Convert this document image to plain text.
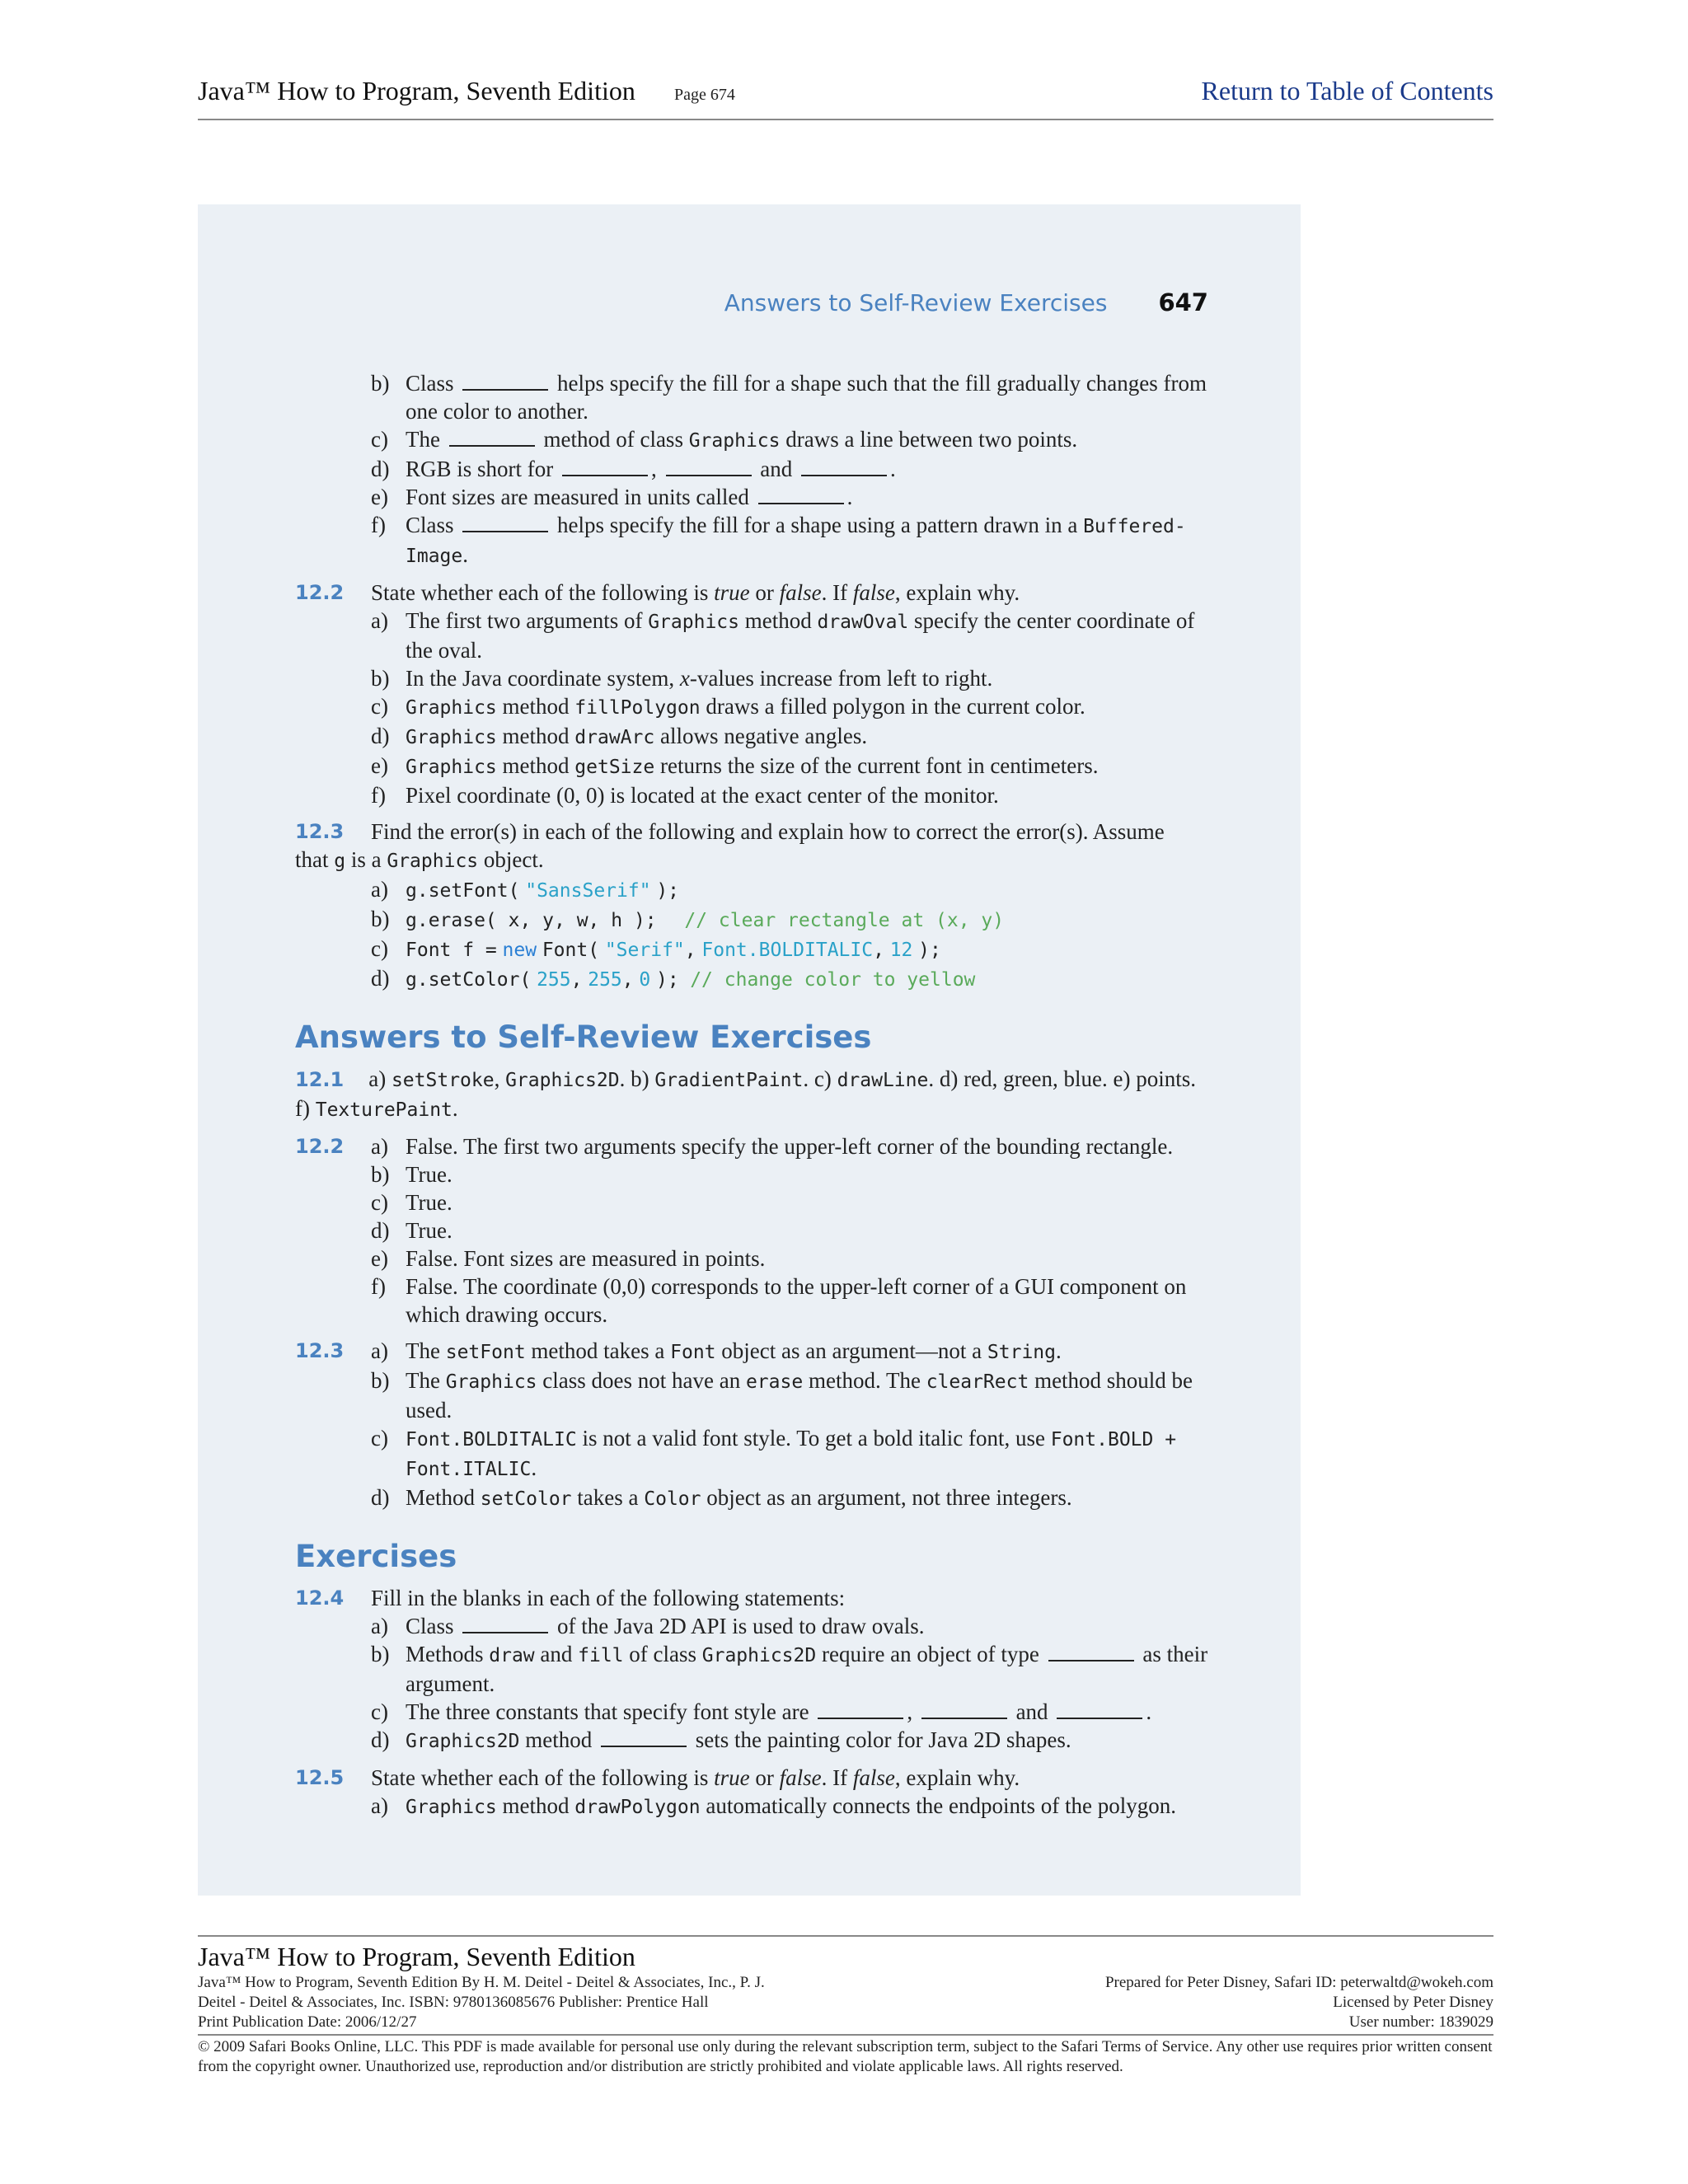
Java™ How to Program, Seventh Edition Page 674	Return to Table of Contents
Answers to Self-Review Exercises 647
b) Class	helps specify the fill for a shape such that the fill gradually changes from one color to another.
c) The	method of class Graphics draws a line between two points.
d) RGB is short for	,	and	.
e) Font sizes are measured in units called	.
f) Class	helps specify the fill for a shape using a pattern drawn in a Buffered-
Image.
12.2 State whether each of the following is true or false. If false, explain why.
a) The first two arguments of Graphics method drawOval specify the center coordinate of the oval.
b) In the Java coordinate system, x-values increase from left to right.
c) Graphics method fillPolygon draws a filled polygon in the current color.
d) Graphics method drawArc allows negative angles.
e) Graphics method getSize returns the size of the current font in centimeters.
f) Pixel coordinate (0, 0) is located at the exact center of the monitor.
12.3 Find the error(s) in each of the following and explain how to correct the error(s). Assume
that g is a Graphics object.
a) g.setFont( "SansSerif" );
b) g.erase( x, y, w, h ); // clear rectangle at (x, y)
c) Font f = new Font( "Serif", Font.BOLDITALIC, 12 );
d) g.setColor( 255, 255, 0 ); // change color to yellow
Answers to Self-Review Exercises
12.1 a) setStroke, Graphics2D. b) GradientPaint. c) drawLine. d) red, green, blue. e) points.
f) TexturePaint.
12.2 a) False. The first two arguments specify the upper-left corner of the bounding rectangle.
b) True.
c) True.
d) True.
e) False. Font sizes are measured in points.
f) False. The coordinate (0,0) corresponds to the upper-left corner of a GUI component on which drawing occurs.
12.3 a) The setFont method takes a Font object as an argument—not a String.
b) The Graphics class does not have an erase method. The clearRect method should be used.
c) Font.BOLDITALIC is not a valid font style. To get a bold italic font, use Font.BOLD +
Font.ITALIC.
d) Method setColor takes a Color object as an argument, not three integers.
Exercises
12.4 Fill in the blanks in each of the following statements:
a) Class	of the Java 2D API is used to draw ovals.
b) Methods draw and fill of class Graphics2D require an object of type	as their argument.
c) The three constants that specify font style are	,	and	.
d) Graphics2D method	sets the painting color for Java 2D shapes.
12.5 State whether each of the following is true or false. If false, explain why.
a) Graphics method drawPolygon automatically connects the endpoints of the polygon.
Java™ How to Program, Seventh Edition
Java™ How to Program, Seventh Edition By H. M. Deitel - Deitel & Associates, Inc., P. J.	Prepared for Peter Disney, Safari ID: peterwaltd@wokeh.com
Deitel - Deitel & Associates, Inc. ISBN: 9780136085676 Publisher: Prentice Hall	Licensed by Peter Disney
Print Publication Date: 2006/12/27	User number: 1839029
© 2009 Safari Books Online, LLC. This PDF is made available for personal use only during the relevant subscription term, subject to the Safari Terms of Service. Any other use requires prior written consent from the copyright owner. Unauthorized use, reproduction and/or distribution are strictly prohibited and violate applicable laws. All rights reserved.
